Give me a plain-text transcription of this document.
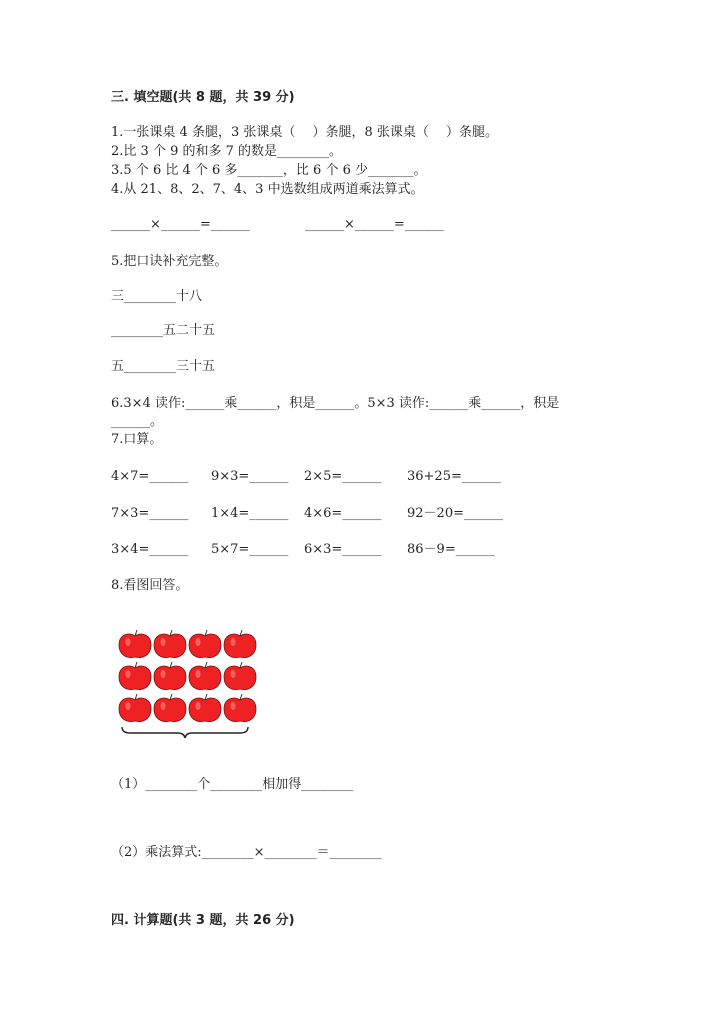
三. 填空题(共 8 题，共 39 分)
1.一张课桌 4 条腿，3 张课桌（　 ）条腿，8 张课桌（　 ）条腿。
2.比 3 个 9 的和多 7 的数是________。
3.5 个 6 比 4 个 6 多_______，比 6 个 6 少_______。
4.从 21、8、2、7、4、3 中选数组成两道乘法算式。
______×______=______	______×______=______
5.把口诀补充完整。
三________十八
________五二十五
五________三十五
6.3×4 读作:______乘______，积是______。5×3 读作:______乘______，积是
______。
7.口算。
4×7=______ 9×3=______ 2×5=______ 36+25=______
7×3=______ 1×4=______ 4×6=______ 92－20=______
3×4=______ 5×7=______ 6×3=______ 86－9=______
8.看图回答。
（1）________个________相加得________
（2）乘法算式:________×________＝________
四. 计算题(共 3 题，共 26 分)
